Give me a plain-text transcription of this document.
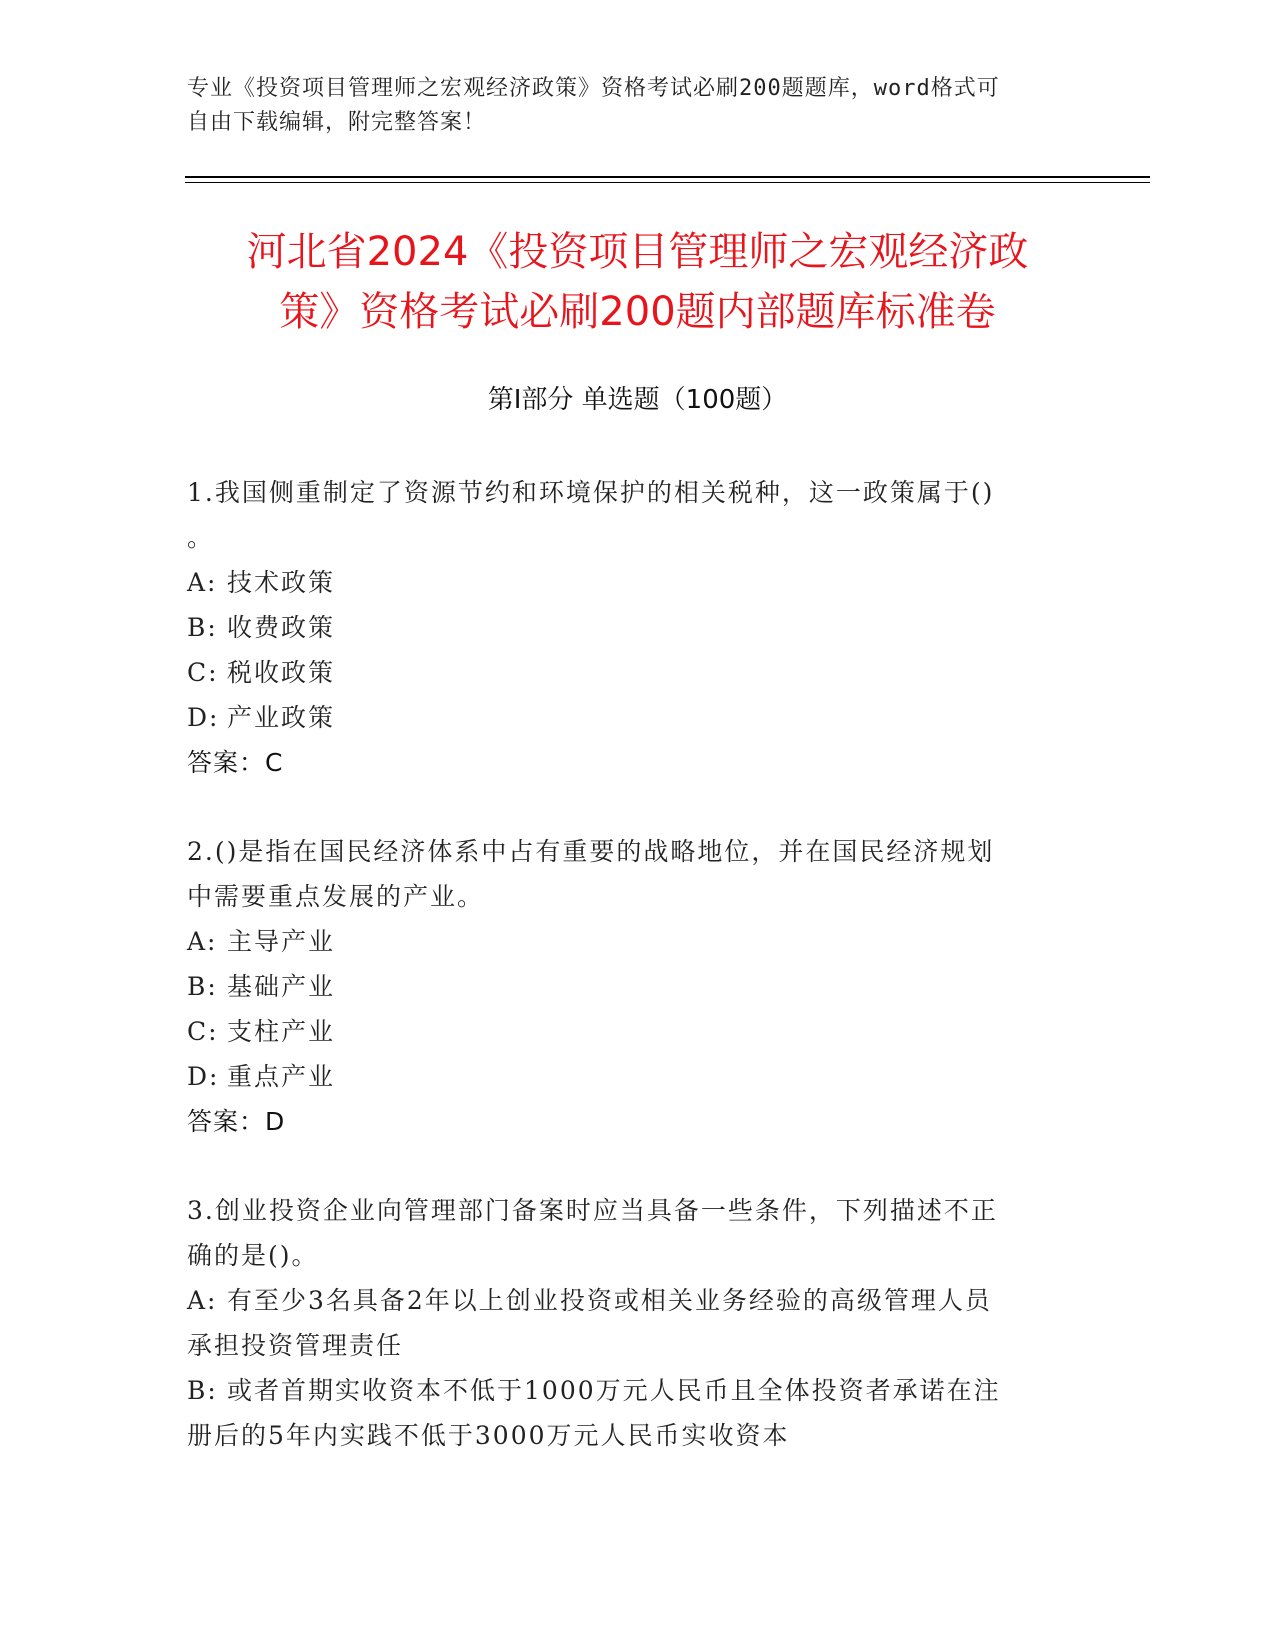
专业《投资项目管理师之宏观经济政策》资格考试必刷200题题库，word格式可
自由下载编辑，附完整答案！
河北省2024《投资项目管理师之宏观经济政
策》资格考试必刷200题内部题库标准卷
第I部分 单选题（100题）
1.我国侧重制定了资源节约和环境保护的相关税种，这一政策属于()
。
A: 技术政策
B: 收费政策
C: 税收政策
D: 产业政策
答案：C
2.()是指在国民经济体系中占有重要的战略地位，并在国民经济规划
中需要重点发展的产业。
A: 主导产业
B: 基础产业
C: 支柱产业
D: 重点产业
答案：D
3.创业投资企业向管理部门备案时应当具备一些条件，下列描述不正
确的是()。
A: 有至少3名具备2年以上创业投资或相关业务经验的高级管理人员
承担投资管理责任
B: 或者首期实收资本不低于1000万元人民币且全体投资者承诺在注
册后的5年内实践不低于3000万元人民币实收资本
